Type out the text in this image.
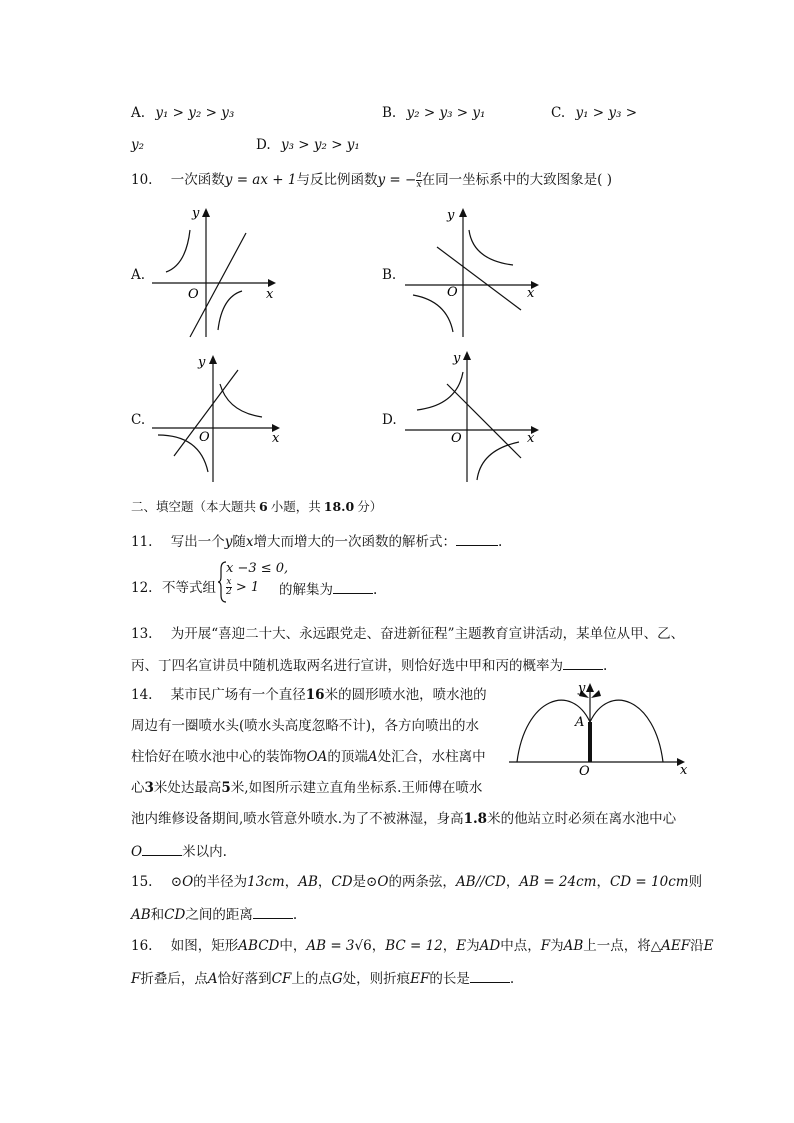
A. y₁ > y₂ > y₃	B. y₂ > y₃ > y₁	C. y₁ > y₃ >
y₂	D. y₃ > y₂ > y₁
10. 一次函数y = ax + 1与反比例函数y = − $\frac{a}{x}$ 在同一坐标系中的大致图象是( )
A.
y
x
O
B.
y
x
O
C.
y
x
O
D.
y
x
O
二、填空题（本大题共 6 小题，共 18.0 分）
11. 写出一个y随x增大而增大的一次函数的解析式：	.
12. 不等式组
x −3 ≤ 0,
$\frac{x}{2} > 1$ 的解集为	.
13. 为开展“喜迎二十大、永远跟党走、奋进新征程”主题教育宣讲活动，某单位从甲、乙、
丙、丁四名宣讲员中随机选取两名进行宣讲，则恰好选中甲和丙的概率为	.
14. 某市民广场有一个直径16米的圆形喷水池，喷水池的
周边有一圈喷水头(喷水头高度忽略不计)，各方向喷出的水
柱恰好在喷水池中心的装饰物OA的顶端A处汇合，水柱离中
心3米处达最高5米,如图所示建立直角坐标系.王师傅在喷水
池内维修设备期间,喷水管意外喷水.为了不被淋湿，身高1.8米的他站立时必须在离水池中心
O	米以内.
y
x
A
O
15. ⊙O的半径为13cm，AB，CD是⊙O的两条弦，AB//CD，AB = 24cm，CD = 10cm则
AB和CD之间的距离	.
16. 如图，矩形ABCD中，AB = 3√6，BC = 12，E为AD中点，F为AB上一点，将△AEF沿E
F折叠后，点A恰好落到CF上的点G处，则折痕EF的长是	.
